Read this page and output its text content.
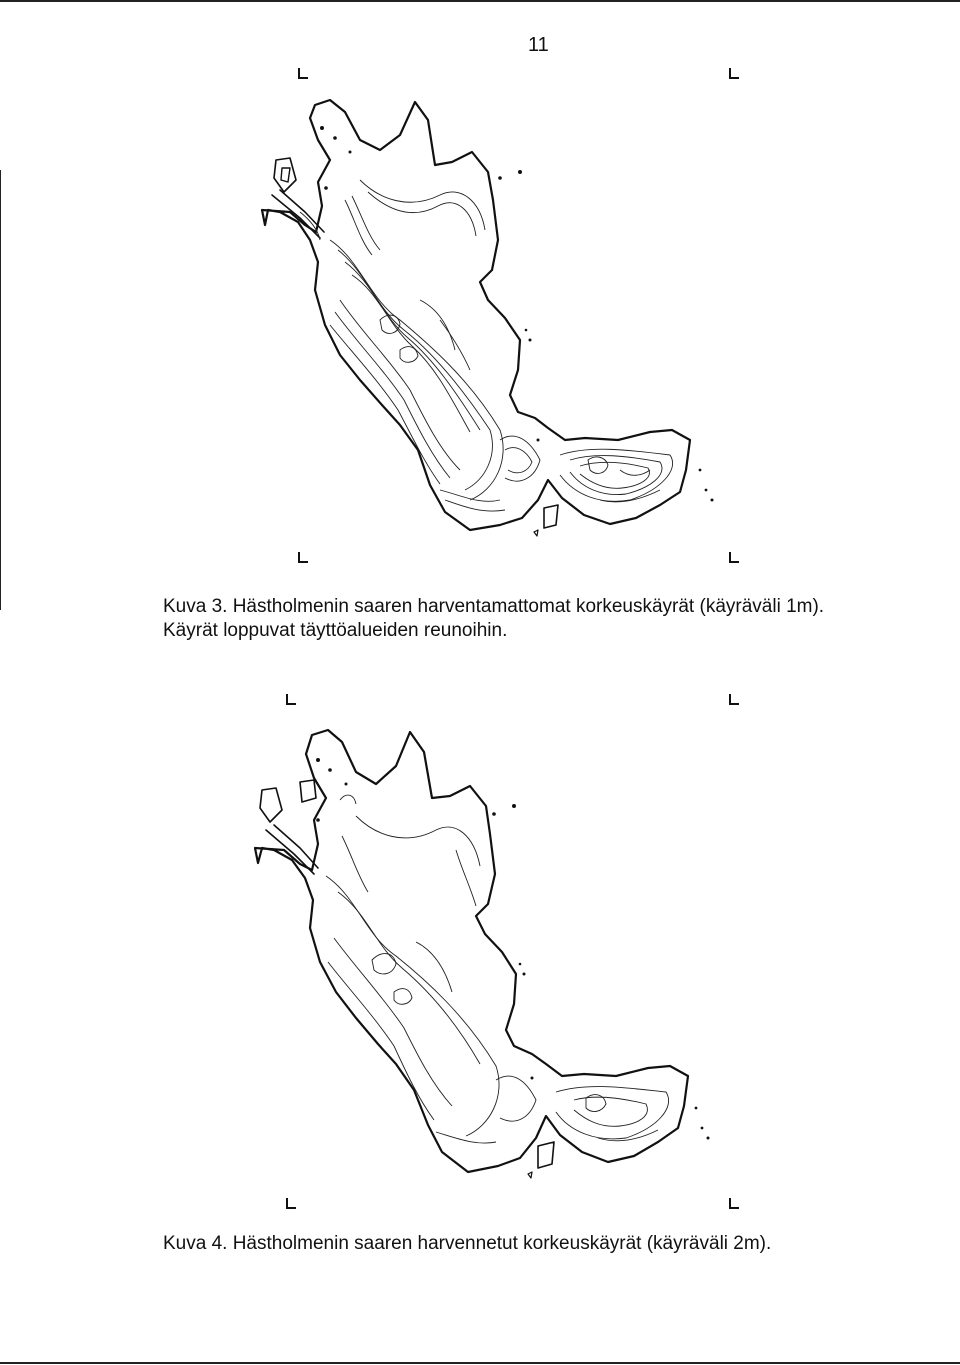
11
Kuva 3. Hästholmenin saaren harventamattomat korkeuskäyrät (käyräväli 1m).
Käyrät loppuvat täyttöalueiden reunoihin.
Kuva 4. Hästholmenin saaren harvennetut korkeuskäyrät (käyräväli 2m).
